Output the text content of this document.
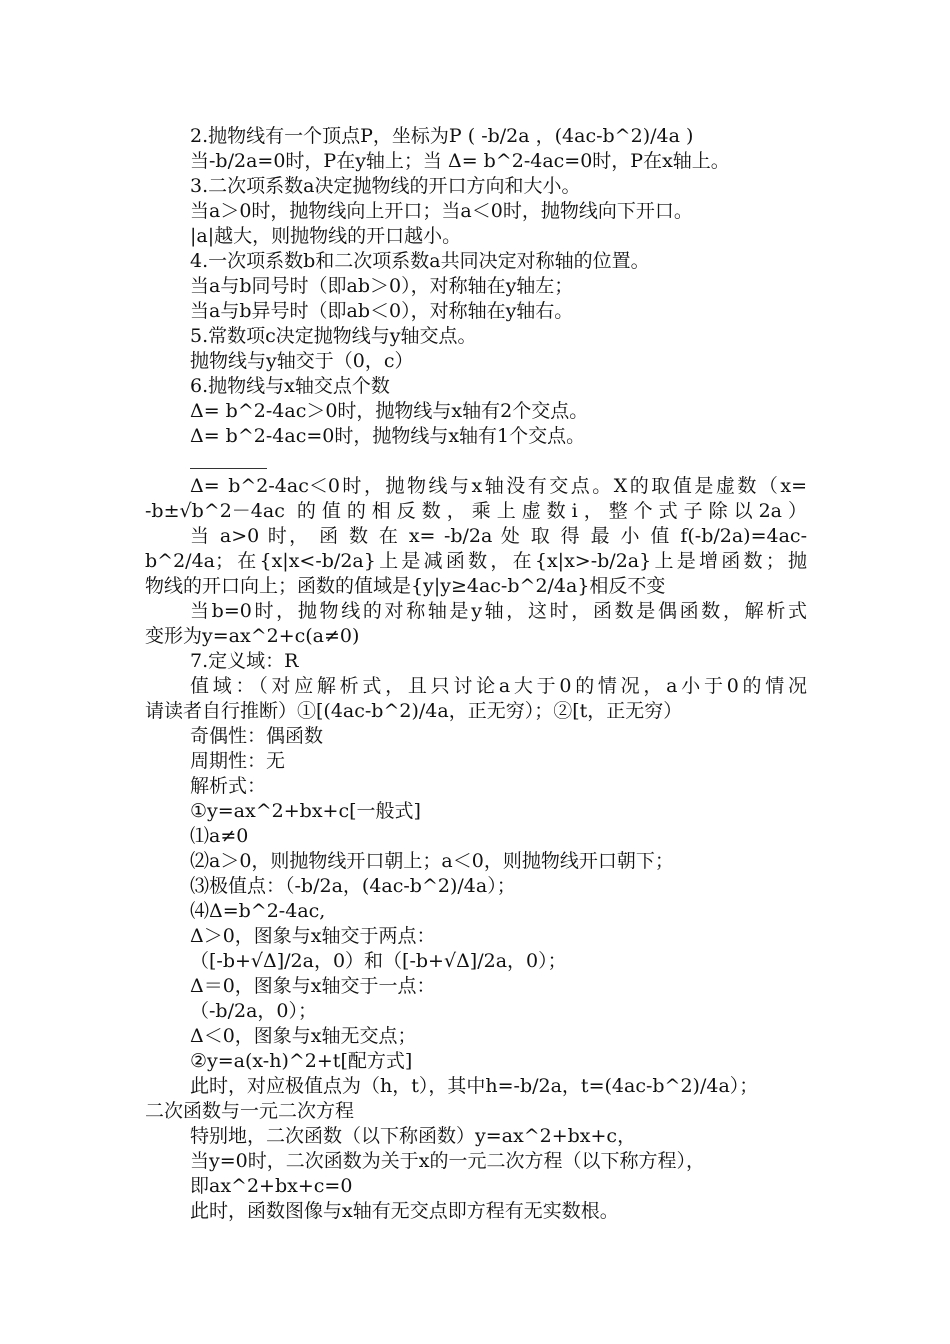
2.抛物线有一个顶点P，坐标为P ( -b/2a ，(4ac-b^2)/4a )
当-b/2a=0时，P在y轴上；当 Δ= b^2-4ac=0时，P在x轴上。
3.二次项系数a决定抛物线的开口方向和大小。
当a＞0时，抛物线向上开口；当a＜0时，抛物线向下开口。
|a|越大，则抛物线的开口越小。
4.一次项系数b和二次项系数a共同决定对称轴的位置。
当a与b同号时（即ab＞0），对称轴在y轴左；
当a与b异号时（即ab＜0），对称轴在y轴右。
5.常数项c决定抛物线与y轴交点。
抛物线与y轴交于（0，c）
6.抛物线与x轴交点个数
Δ= b^2-4ac＞0时，抛物线与x轴有2个交点。
Δ= b^2-4ac=0时，抛物线与x轴有1个交点。
Δ= b^2-4ac＜0时，抛物线与x轴没有交点。X的取值是虚数（x=
-b±√b^2－4ac 的值的相反数，乘上虚数i，整个式子除以2a）
当 a>0 时， 函 数 在 x= -b/2a 处 取 得 最 小 值 f(-b/2a)=4ac-
b^2/4a；在{x|x<-b/2a}上是减函数，在{x|x>-b/2a}上是增函数；抛
物线的开口向上；函数的值域是{y|y≥4ac-b^2/4a}相反不变
当b=0时，抛物线的对称轴是y轴，这时，函数是偶函数，解析式
变形为y=ax^2+c(a≠0)
7.定义域：R
值域：（对应解析式，且只讨论a大于0的情况，a小于0的情况
请读者自行推断）①[(4ac-b^2)/4a，正无穷）；②[t，正无穷）
奇偶性：偶函数
周期性：无
解析式：
①y=ax^2+bx+c[一般式]
⑴a≠0
⑵a＞0，则抛物线开口朝上；a＜0，则抛物线开口朝下；
⑶极值点：（-b/2a，(4ac-b^2)/4a）；
⑷Δ=b^2-4ac,
Δ＞0，图象与x轴交于两点：
（[-b+√Δ]/2a，0）和（[-b+√Δ]/2a，0）；
Δ＝0，图象与x轴交于一点：
（-b/2a，0）；
Δ＜0，图象与x轴无交点；
②y=a(x-h)^2+t[配方式]
此时，对应极值点为（h，t），其中h=-b/2a，t=(4ac-b^2)/4a）；
二次函数与一元二次方程
特别地，二次函数（以下称函数）y=ax^2+bx+c，
当y=0时，二次函数为关于x的一元二次方程（以下称方程），
即ax^2+bx+c=0
此时，函数图像与x轴有无交点即方程有无实数根。
